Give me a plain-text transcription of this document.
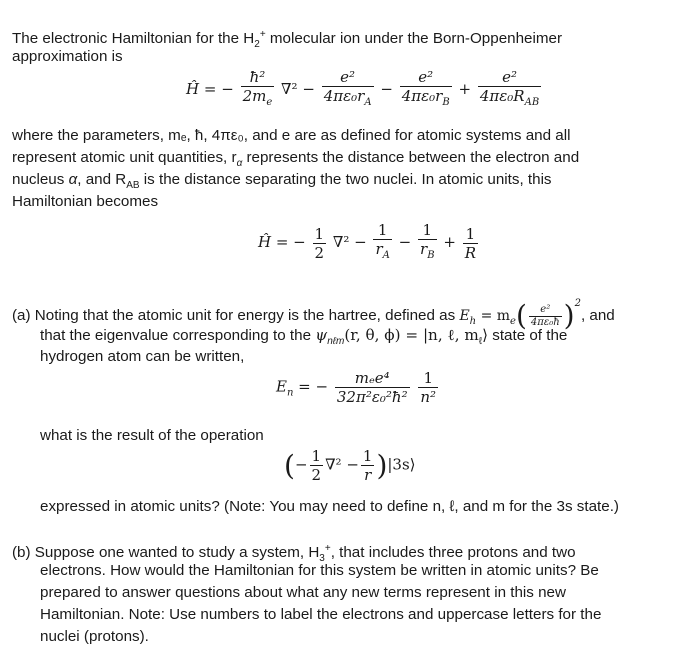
The electronic Hamiltonian for the $H_2^+$ molecular ion under the Born-Oppenheimer
approximation is
Ĥ = − $\frac{\text{ħ²}}{2m_e} \nabla^2 - \frac{\text{e²}}{4\pi\varepsilon_0r_A} - \frac{\text{e²}}{4\pi\varepsilon_0r_B} + \frac{\text{e²}}{4\pi\varepsilon_0R_{AB}}$
where the parameters, mₑ, ħ, 4πε₀, and e are as defined for atomic systems and all
represent atomic unit quantities, $r_\alpha$ represents the distance between the electron and
nucleus α, and $R_{AB}$ is the distance separating the two nuclei. In atomic units, this
Hamiltonian becomes
Ĥ = − $\frac{1}{2} \nabla^2 - \frac{1}{r_A} - \frac{1}{r_B} + \frac{1}{R}$
(a) Noting that the atomic unit for energy is the hartree, defined as $E_h = m_e( \frac{\text{e²}}{\text{4πε₀ħ}} )^2$, and
that the eigenvalue corresponding to the $\psi_{n\ell m}(r$, θ, ϕ) = |n, ℓ, $m_\ell⟩$ state of the
hydrogen atom can be written,
$E_n$ = − $\frac{\text{mₑe⁴}}{\text{32π²ε₀²ħ²}}$
$\frac{1}{\text{n²}}$
what is the result of the operation
(− $\frac{1}{2} \nabla^2 - \frac{1}{r}$ )|3s⟩
expressed in atomic units? (Note: You may need to define n, ℓ, and m for the 3s state.)
(b) Suppose one wanted to study a system, $H_3^+$, that includes three protons and two
electrons. How would the Hamiltonian for this system be written in atomic units? Be
prepared to answer questions about what any new terms represent in this new
Hamiltonian. Note: Use numbers to label the electrons and uppercase letters for the
nuclei (protons).
